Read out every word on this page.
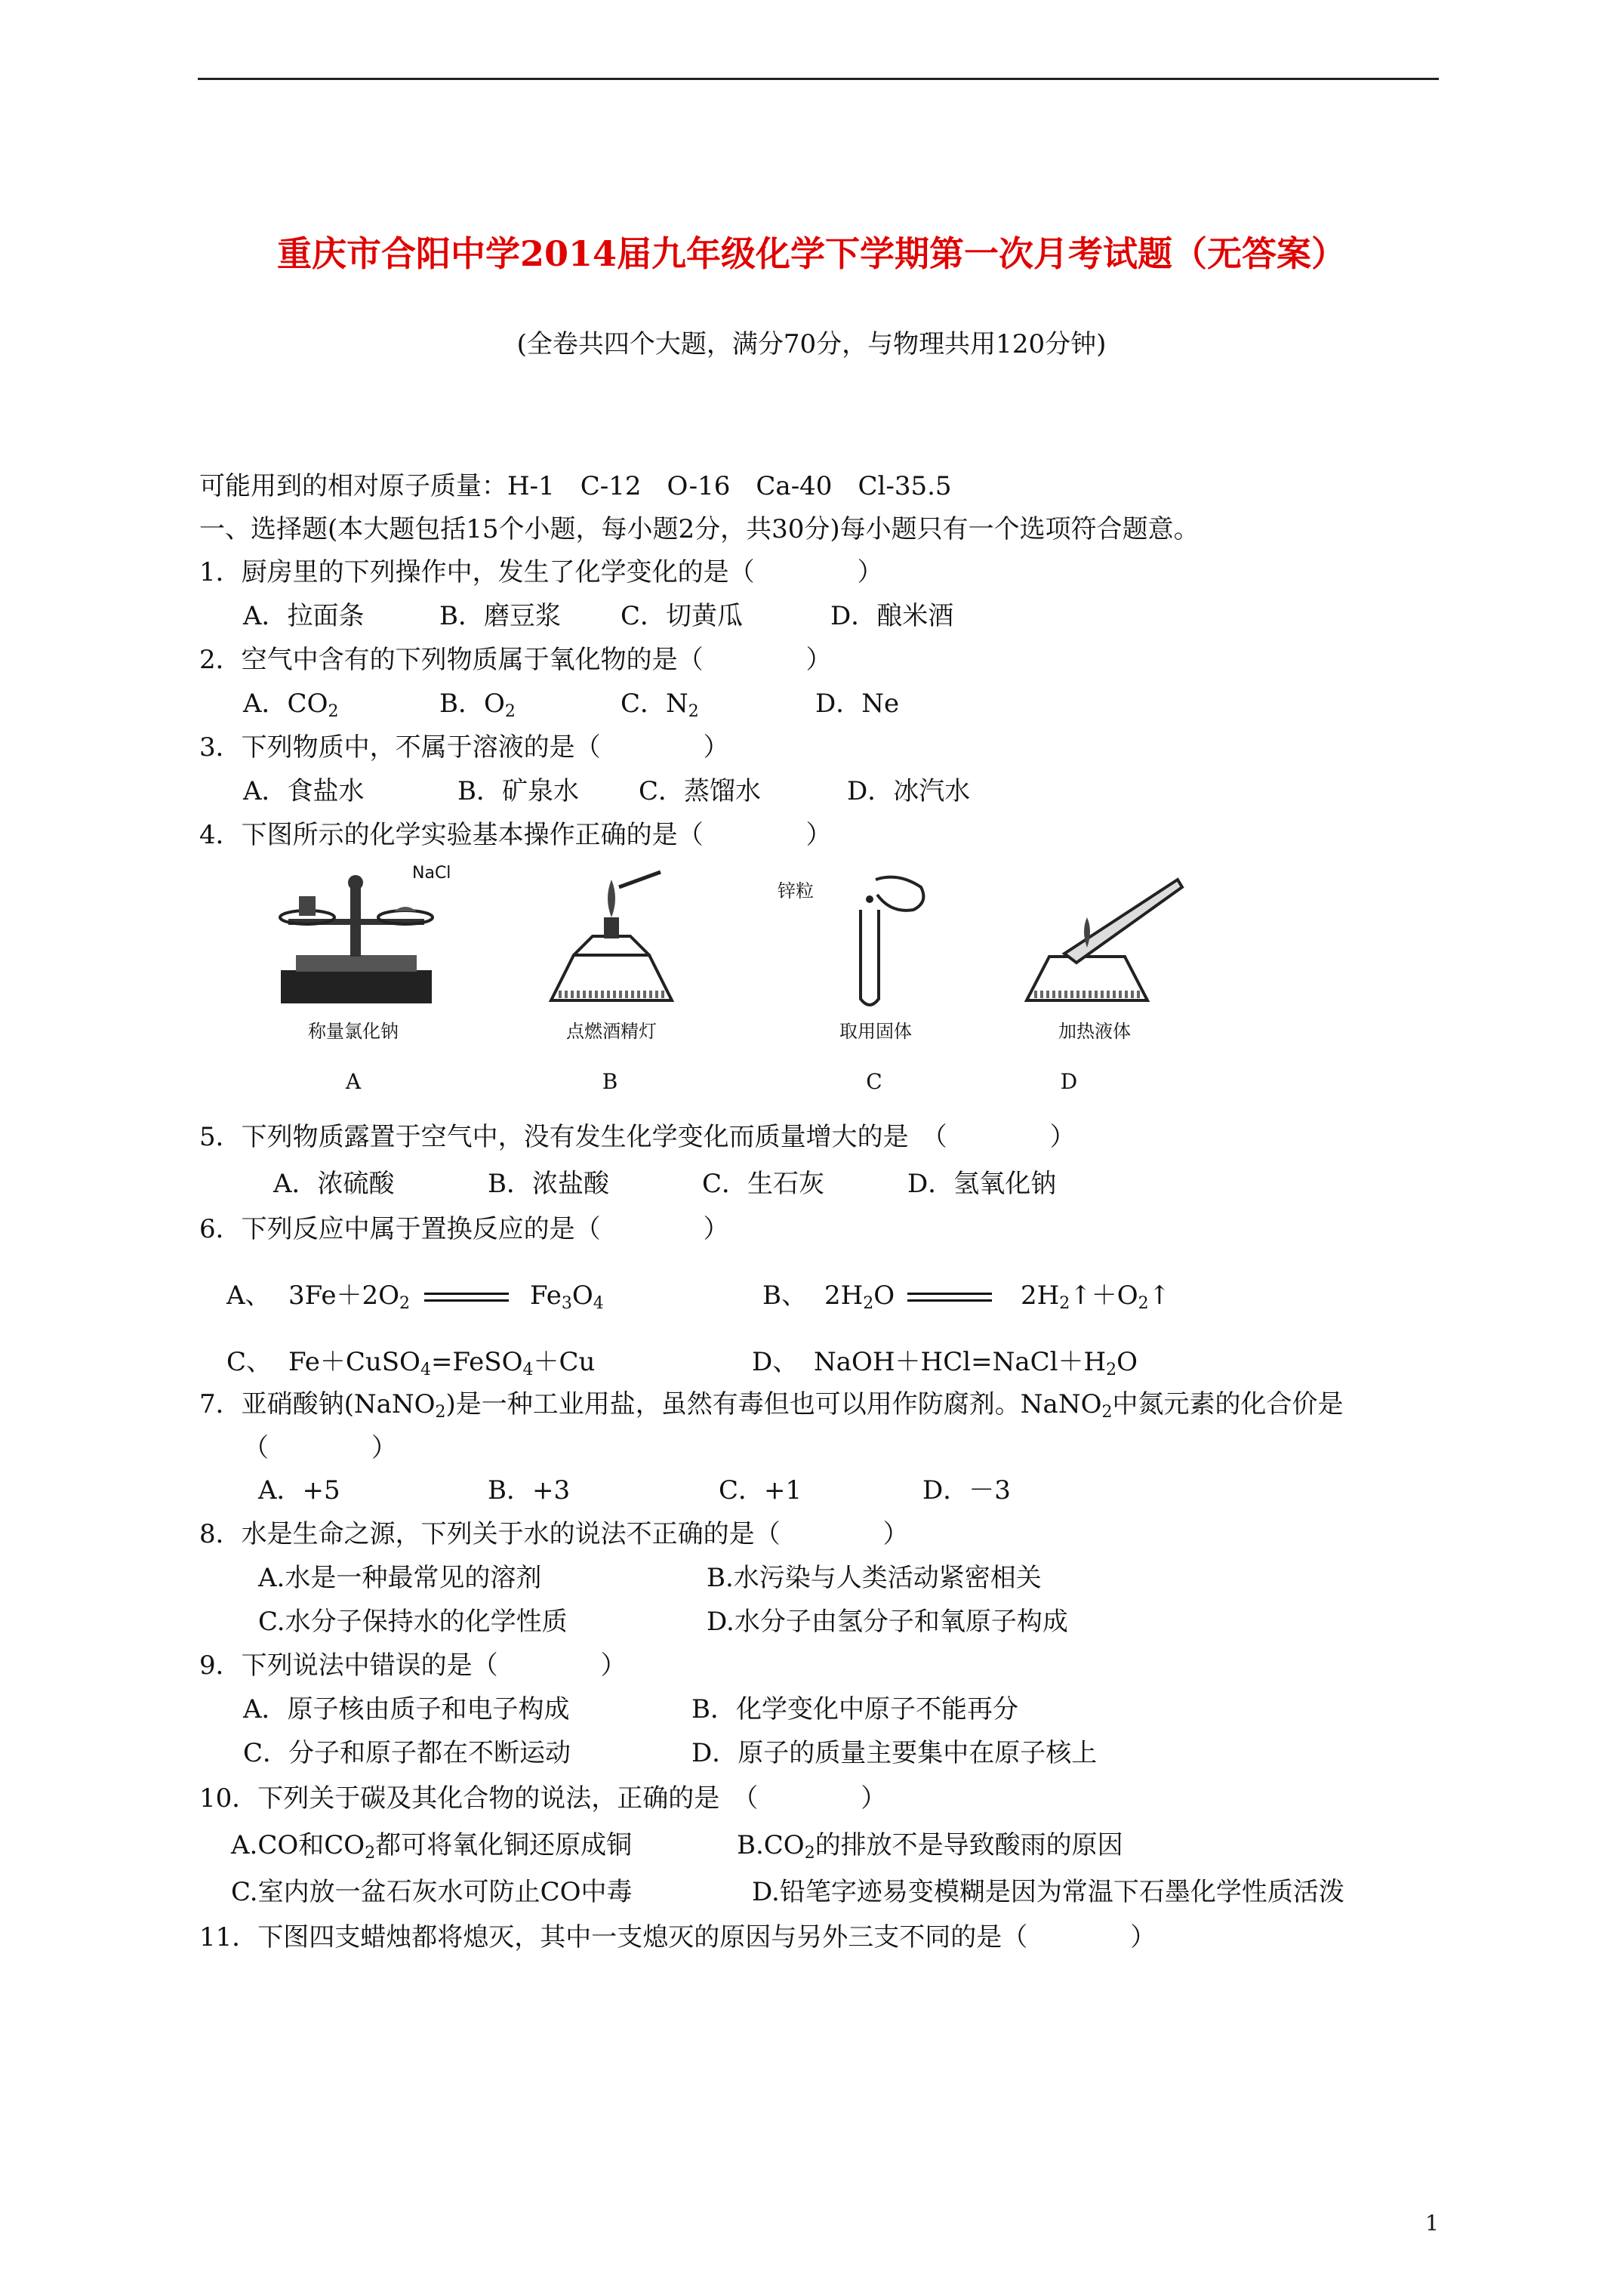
重庆市合阳中学2014届九年级化学下学期第一次月考试题（无答案）
(全卷共四个大题，满分70分，与物理共用120分钟)
可能用到的相对原子质量：H-1　C-12　O-16　Ca-40　Cl-35.5
一、选择题(本大题包括15个小题，每小题2分，共30分)每小题只有一个选项符合题意。
1．厨房里的下列操作中，发生了化学变化的是（　　　　）
A．拉面条	B．磨豆浆 C．切黄瓜	D．酿米酒
2．空气中含有的下列物质属于氧化物的是（　　　　）
A．$CO_2$	B．$O_2$	C．$N_2$	D．Ne
3．下列物质中，不属于溶液的是（　　　　）
A．食盐水	B．矿泉水 C．蒸馏水	D．冰汽水
4．下图所示的化学实验基本操作正确的是（　　　　）
NaCl
称量氯化钠
A
点燃酒精灯
B
锌粒
取用固体
C
加热液体
D
5．下列物质露置于空气中，没有发生化学变化而质量增大的是　（　　　　）
A．浓硫酸	B．浓盐酸	C．生石灰	D．氢氧化钠
6．下列反应中属于置换反应的是（　　　　）
A、 $3Fe+2O_2$	$Fe_3O_4$	B、 $2H_2O$	$2H_2↑+O_2↑$
C、 Fe＋CuSO$_4$=FeSO$_4$＋Cu	D、 $NaOH+HCl=NaCl+H_2O$
7．亚硝酸钠(NaNO$_2$)是一种工业用盐，虽然有毒但也可以用作防腐剂。NaNO$_2$中氮元素的化合价是
（　　　　）
A．+5	B．+3	C．+1	D．－3
8．水是生命之源，下列关于水的说法不正确的是（　　　　）
A.水是一种最常见的溶剂	B.水污染与人类活动紧密相关
C.水分子保持水的化学性质	D.水分子由氢分子和氧原子构成
9．下列说法中错误的是（　　　　）
A．原子核由质子和电子构成	B．化学变化中原子不能再分
C．分子和原子都在不断运动	D．原子的质量主要集中在原子核上
10．下列关于碳及其化合物的说法，正确的是　（　　　　）
A.CO和$CO_2$都可将氧化铜还原成铜	$B.CO_2$的排放不是导致酸雨的原因
C.室内放一盆石灰水可防止CO中毒	D.铅笔字迹易变模糊是因为常温下石墨化学性质活泼
11．下图四支蜡烛都将熄灭，其中一支熄灭的原因与另外三支不同的是（　　　　）
1
